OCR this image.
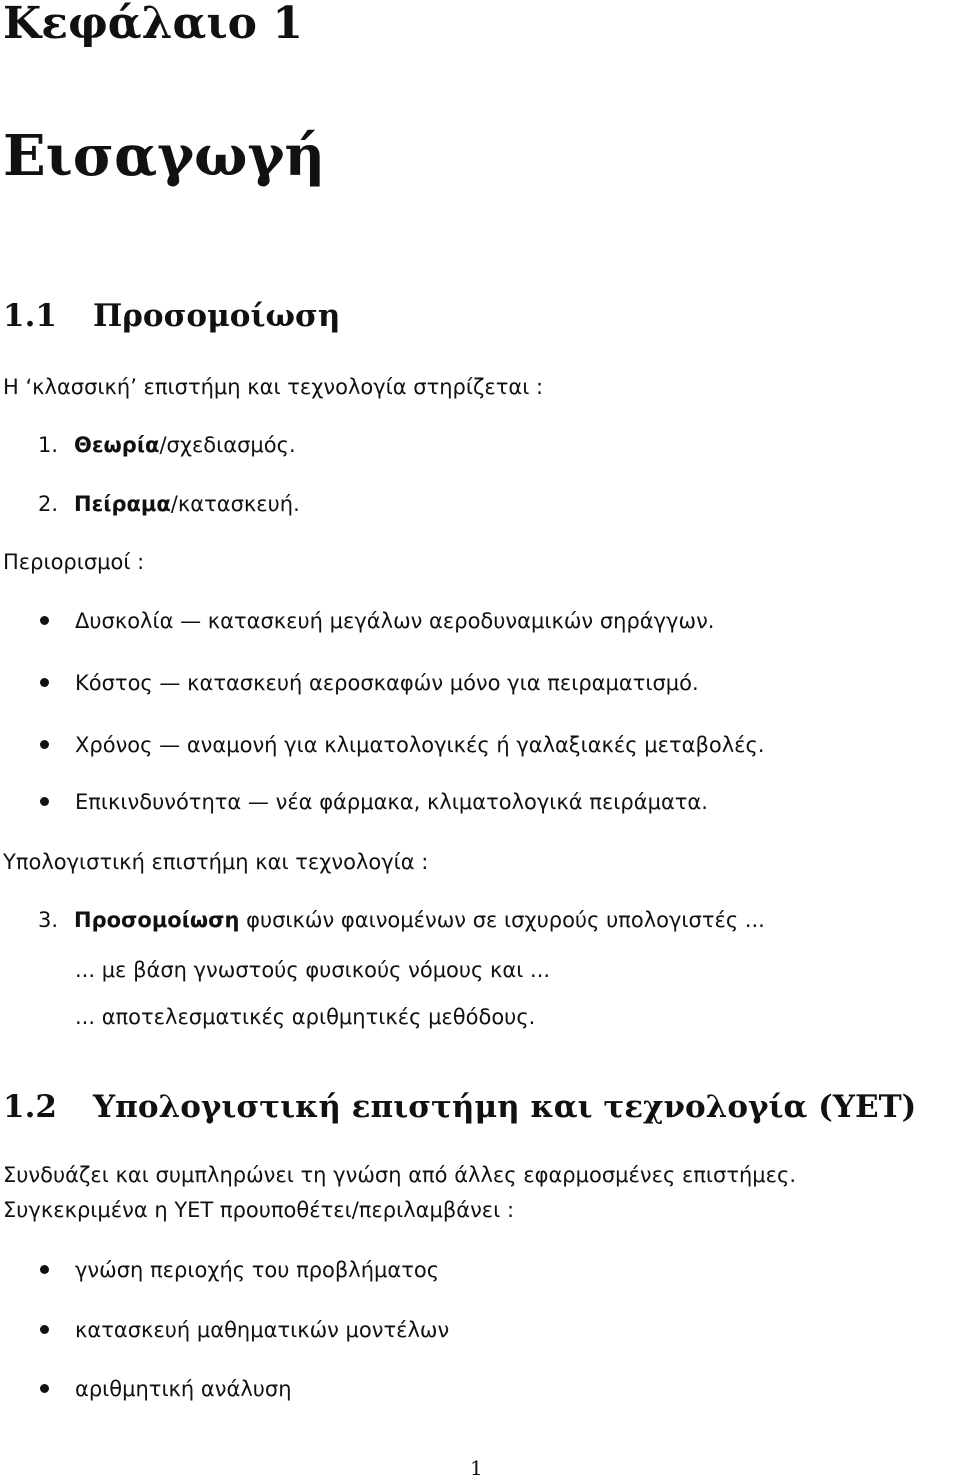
Κεφάλαιο 1
Εισαγωγή
1.1 Προσομοίωση
Η ‘κλασσική’ επιστήμη και τεχνολογία στηρίζεται :
1. Θεωρία/σχεδιασμός.
2. Πείραμα/κατασκευή.
Περιορισμοί :
Δυσκολία — κατασκευή μεγάλων αεροδυναμικών σηράγγων.
Κόστος — κατασκευή αεροσκαφών μόνο για πειραματισμό.
Χρόνος — αναμονή για κλιματολογικές ή γαλαξιακές μεταβολές.
Επικινδυνότητα — νέα φάρμακα, κλιματολογικά πειράματα.
Υπολογιστική επιστήμη και τεχνολογία :
3. Προσομοίωση φυσικών φαινομένων σε ισχυρούς υπολογιστές ...
... με βάση γνωστούς φυσικούς νόμους και ...
... αποτελεσματικές αριθμητικές μεθόδους.
1.2 Υπολογιστική επιστήμη και τεχνολογία (ΥΕΤ)
Συνδυάζει και συμπληρώνει τη γνώση από άλλες εφαρμοσμένες επιστήμες.
Συγκεκριμένα η ΥΕΤ προυποθέτει/περιλαμβάνει :
γνώση περιοχής του προβλήματος
κατασκευή μαθηματικών μοντέλων
αριθμητική ανάλυση
1
